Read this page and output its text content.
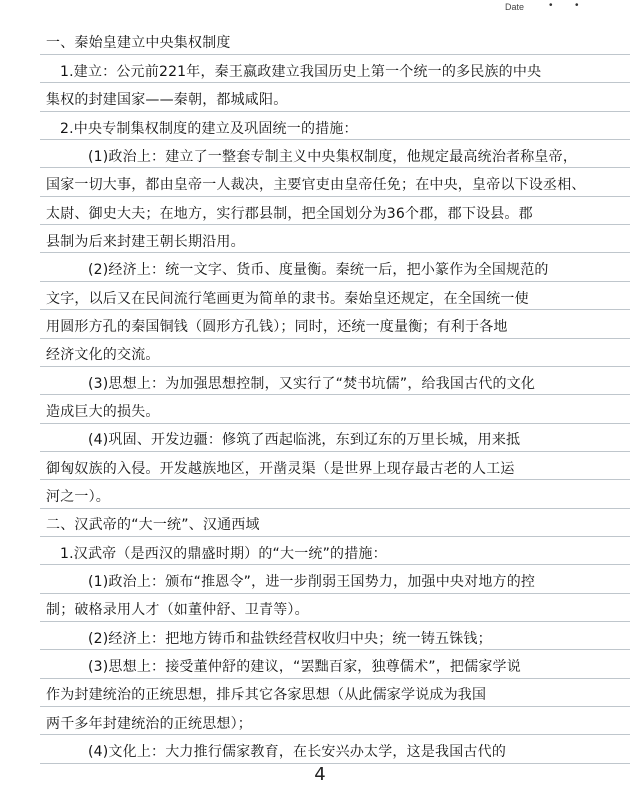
Date • •
一、秦始皇建立中央集权制度
1.建立：公元前221年，秦王嬴政建立我国历史上第一个统一的多民族的中央
集权的封建国家——秦朝，都城咸阳。
2.中央专制集权制度的建立及巩固统一的措施：
(1)政治上：建立了一整套专制主义中央集权制度，他规定最高统治者称皇帝，
国家一切大事，都由皇帝一人裁决，主要官吏由皇帝任免；在中央，皇帝以下设丞相、
太尉、御史大夫；在地方，实行郡县制，把全国划分为36个郡，郡下设县。郡
县制为后来封建王朝长期沿用。
(2)经济上：统一文字、货币、度量衡。秦统一后，把小篆作为全国规范的
文字，以后又在民间流行笔画更为简单的隶书。秦始皇还规定，在全国统一使
用圆形方孔的秦国铜钱（圆形方孔钱）；同时，还统一度量衡；有利于各地
经济文化的交流。
(3)思想上：为加强思想控制，又实行了“焚书坑儒”，给我国古代的文化
造成巨大的损失。
(4)巩固、开发边疆：修筑了西起临洮，东到辽东的万里长城，用来抵
御匈奴族的入侵。开发越族地区，开凿灵渠（是世界上现存最古老的人工运
河之一）。
二、汉武帝的“大一统”、汉通西域
1.汉武帝（是西汉的鼎盛时期）的“大一统”的措施：
(1)政治上：颁布“推恩令”，进一步削弱王国势力，加强中央对地方的控
制；破格录用人才（如董仲舒、卫青等）。
(2)经济上：把地方铸币和盐铁经营权收归中央；统一铸五铢钱；
(3)思想上：接受董仲舒的建议，“罢黜百家，独尊儒术”，把儒家学说
作为封建统治的正统思想，排斥其它各家思想（从此儒家学说成为我国
两千多年封建统治的正统思想）；
(4)文化上：大力推行儒家教育，在长安兴办太学，这是我国古代的
4
